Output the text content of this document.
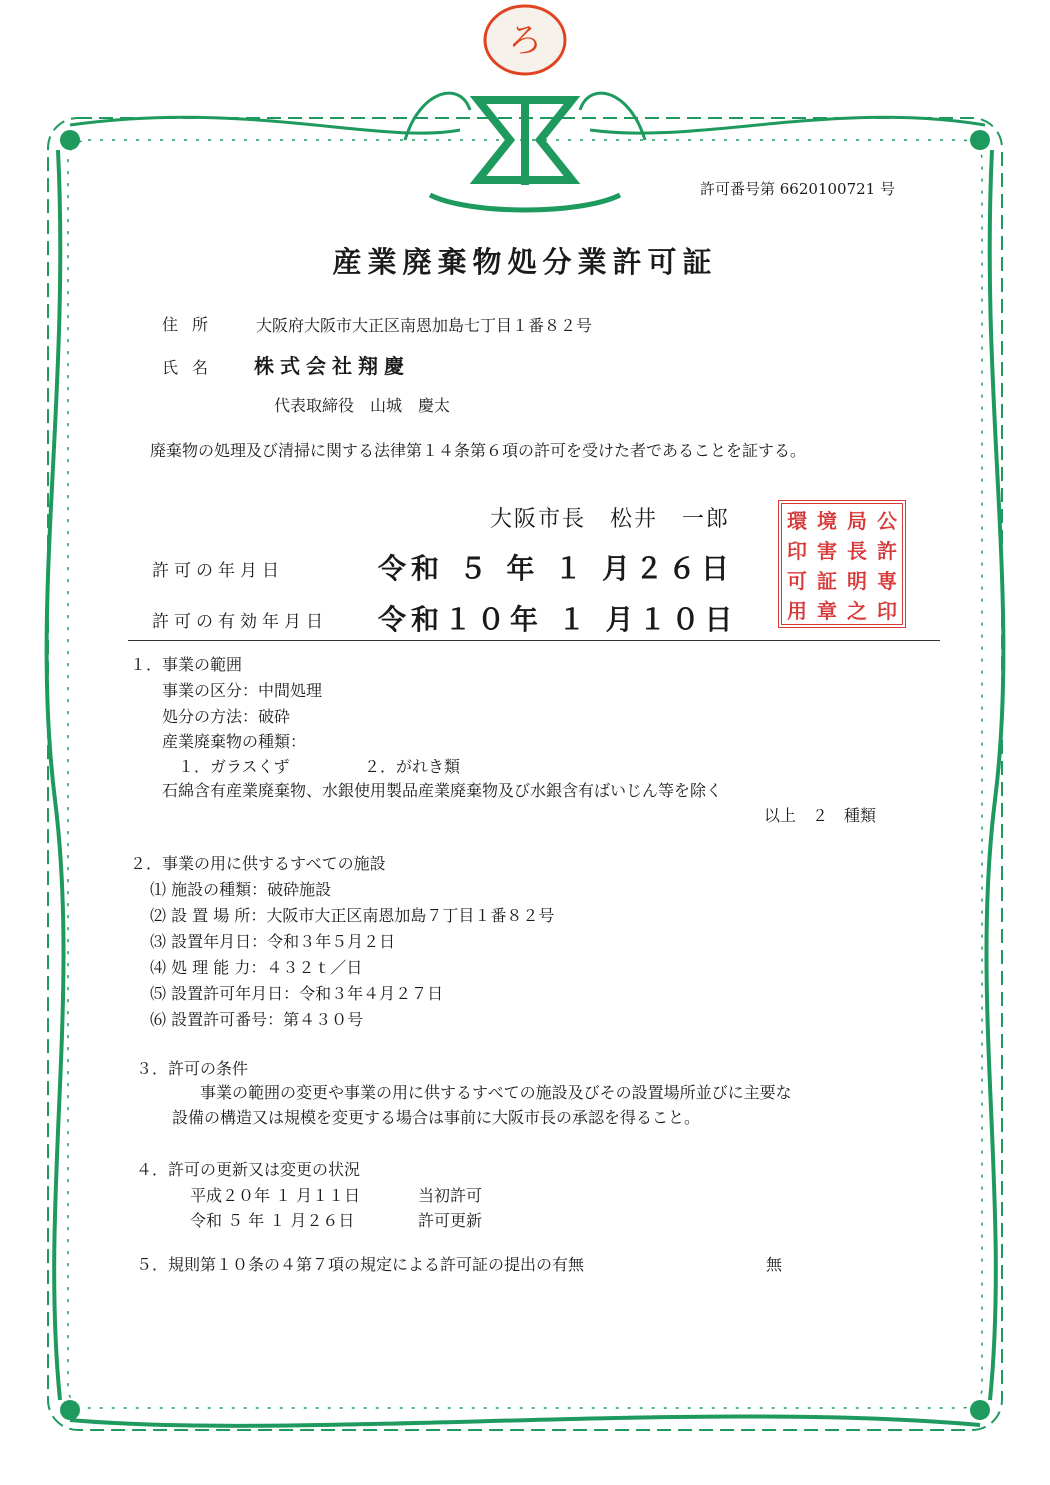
ろ
許可番号第 6620100721 号
産業廃棄物処分業許可証
住所 大阪府大阪市大正区南恩加島七丁目１番８２号
氏名 株式会社翔慶
代表取締役　山城　慶太
廃棄物の処理及び清掃に関する法律第１４条第６項の許可を受けた者であることを証する。
大阪市長　松井　一郎	環 境 局 公
印 害 長 許
可 証 明 専
用 章 之 印
許可の年月日	令和 ５ 年 １ 月２６日
許可の有効年月日 令和１０年 １ 月１０日
１．事業の範囲
事業の区分：中間処理
処分の方法：破砕
産業廃棄物の種類：
１．ガラスくず	２．がれき類
石綿含有産業廃棄物、水銀使用製品産業廃棄物及び水銀含有ばいじん等を除く
以上　２　種類
２．事業の用に供するすべての施設
⑴ 施設の種類：破砕施設
⑵ 設 置 場 所：大阪市大正区南恩加島７丁目１番８２号
⑶ 設置年月日：令和３年５月２日
⑷ 処 理 能 力：４３２ｔ／日
⑸ 設置許可年月日：令和３年４月２７日
⑹ 設置許可番号：第４３０号
３．許可の条件
事業の範囲の変更や事業の用に供するすべての施設及びその設置場所並びに主要な
設備の構造又は規模を変更する場合は事前に大阪市長の承認を得ること。
４．許可の更新又は変更の状況
平成２０年 １ 月１１日	当初許可
令和 ５ 年 １ 月２６日	許可更新
５．規則第１０条の４第７項の規定による許可証の提出の有無	無
